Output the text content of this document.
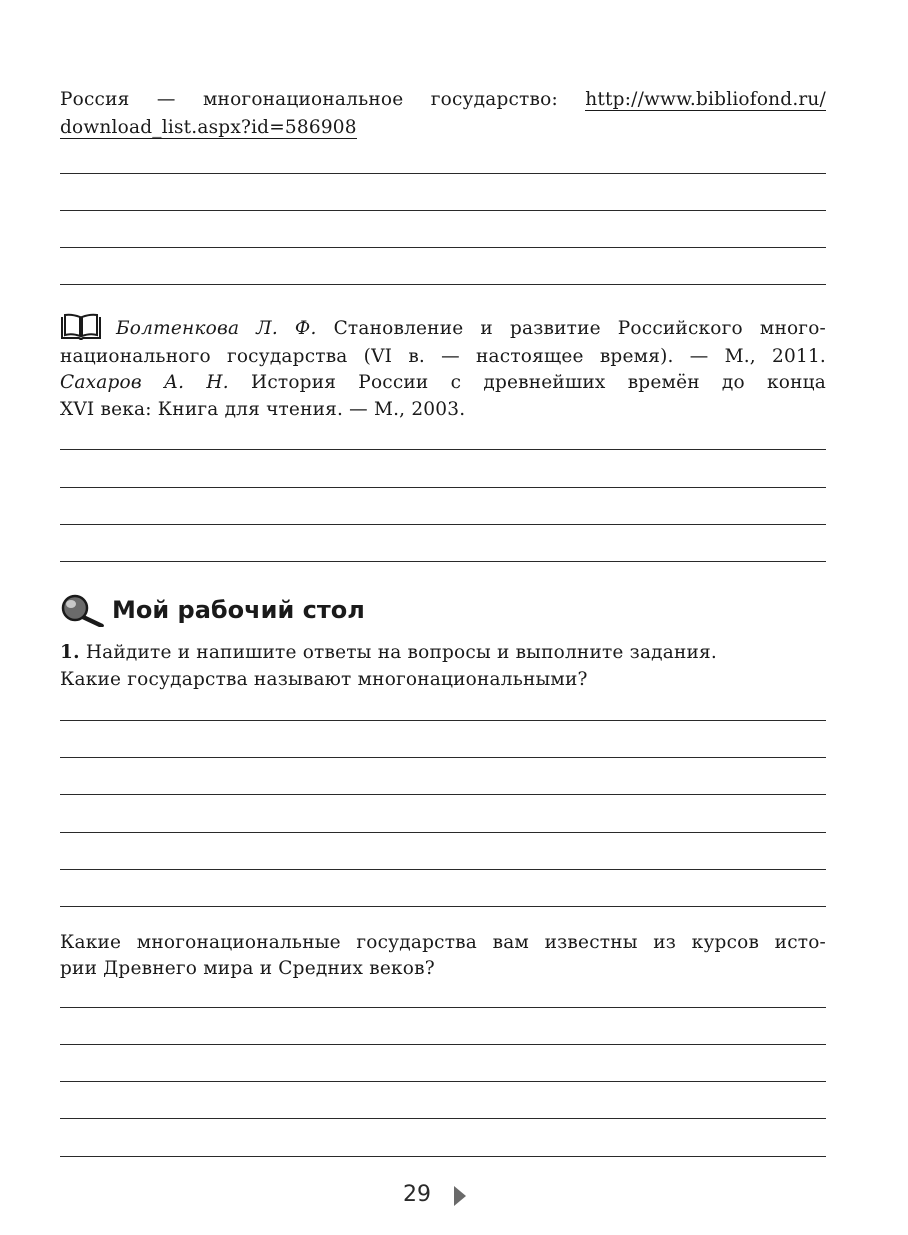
Россия — многонациональное государство: http://www.bibliofond.ru/
download_list.aspx?id=586908
Болтенкова Л. Ф. Становление и развитие Российского много-
национального государства (VI в. — настоящее время). — М., 2011.
Сахаров А. Н. История России с древнейших времён до конца
XVI века: Книга для чтения. — М., 2003.
Мой рабочий стол
1. Найдите и напишите ответы на вопросы и выполните задания.
Какие государства называют многонациональными?
Какие многонациональные государства вам известны из курсов исто-
рии Древнего мира и Средних веков?
29
